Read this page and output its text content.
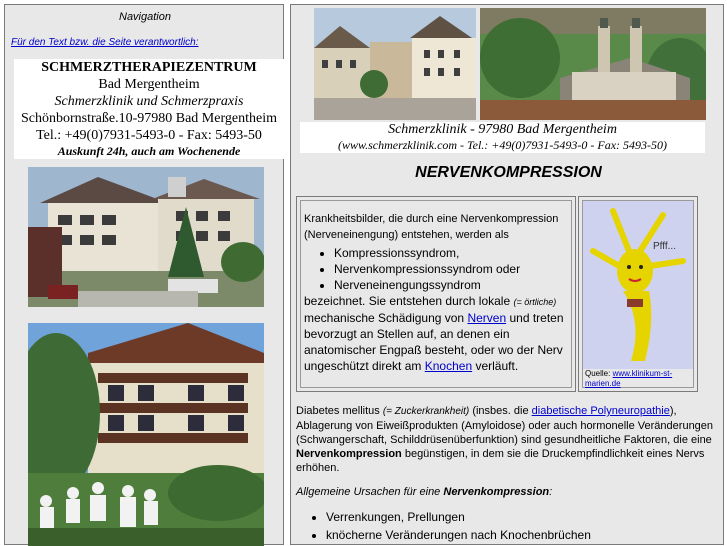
Navigation
Für den Text bzw. die Seite verantwortlich:
SCHMERZTHERAPIEZENTRUM
Bad Mergentheim
Schmerzklinik und Schmerzpraxis
Schönbornstraße.10-97980 Bad Mergentheim
Tel.: +49(0)7931-5493-0 - Fax: 5493-50
Auskunft 24h, auch am Wochenende
Schmerzklinik - 97980 Bad Mergentheim
(www.schmerzklinik.com - Tel.: +49(0)7931-5493-0 - Fax: 5493-50)
NERVENKOMPRESSION
Krankheitsbilder, die durch eine Nervenkompression (Nerveneinengung) entstehen, werden als
• Kompressionssyndrom,
• Nervenkompressionssyndrom oder
• Nerveneinengungssyndrom

bezeichnet. Sie entstehen durch lokale (= örtliche) mechanische Schädigung von Nerven und treten bevorzugt an Stellen auf, an denen ein anatomischer Engpaß besteht, oder wo der Nerv ungeschützt direkt am Knochen verläuft.

Pfff...
Quelle: www.klinikum-st-marien.de
Diabetes mellitus (= Zuckerkrankheit) (insbes. die diabetische Polyneuropathie), Ablagerung von Eiweißprodukten (Amyloidose) oder auch hormonelle Veränderungen (Schwangerschaft, Schilddrüsenüberfunktion) sind gesundheitliche Faktoren, die eine Nervenkompression begünstigen, in dem sie die Druckempfindlichkeit eines Nervs erhöhen.
Allgemeine Ursachen für eine Nervenkompression:
• Verrenkungen, Prellungen
• knöcherne Veränderungen nach Knochenbrüchen
